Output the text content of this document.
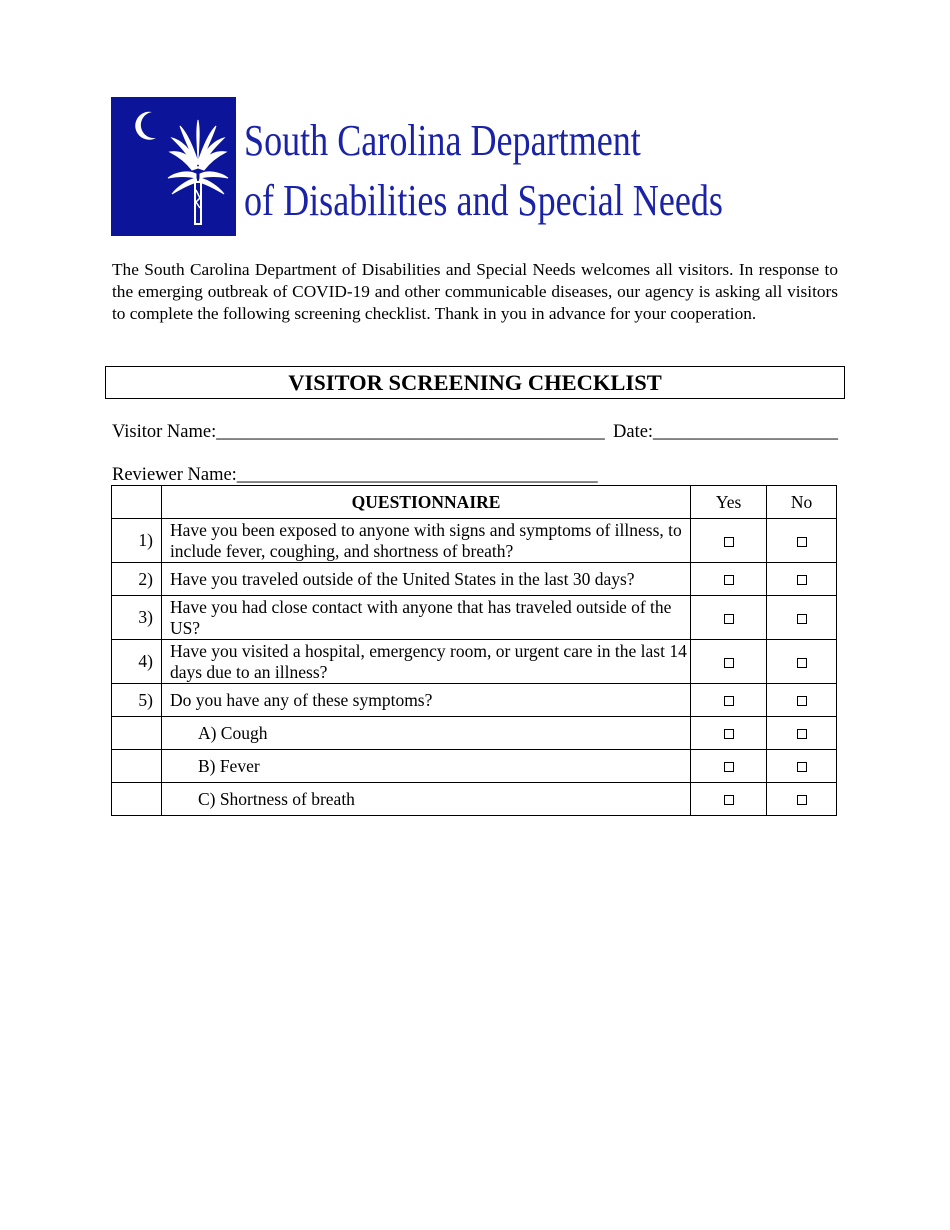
South Carolina Department
of Disabilities and Special Needs

The South Carolina Department of Disabilities and Special Needs welcomes all visitors. In response to the emerging outbreak of COVID-19 and other communicable diseases, our agency is asking all visitors to complete the following screening checklist. Thank in you in advance for your cooperation.

VISITOR SCREENING CHECKLIST
Visitor Name:__________________________________________ Date:____________________
Reviewer Name:_______________________________________
	QUESTIONNAIRE	Yes	No
1)	Have you been exposed to anyone with signs and symptoms of illness, to include fever, coughing, and shortness of breath?		
2)	Have you traveled outside of the United States in the last 30 days?		
3)	Have you had close contact with anyone that has traveled outside of the US?		
4)	Have you visited a hospital, emergency room, or urgent care in the last 14 days due to an illness?		
5)	Do you have any of these symptoms?		
	A) Cough		
	B) Fever		
	C) Shortness of breath		
